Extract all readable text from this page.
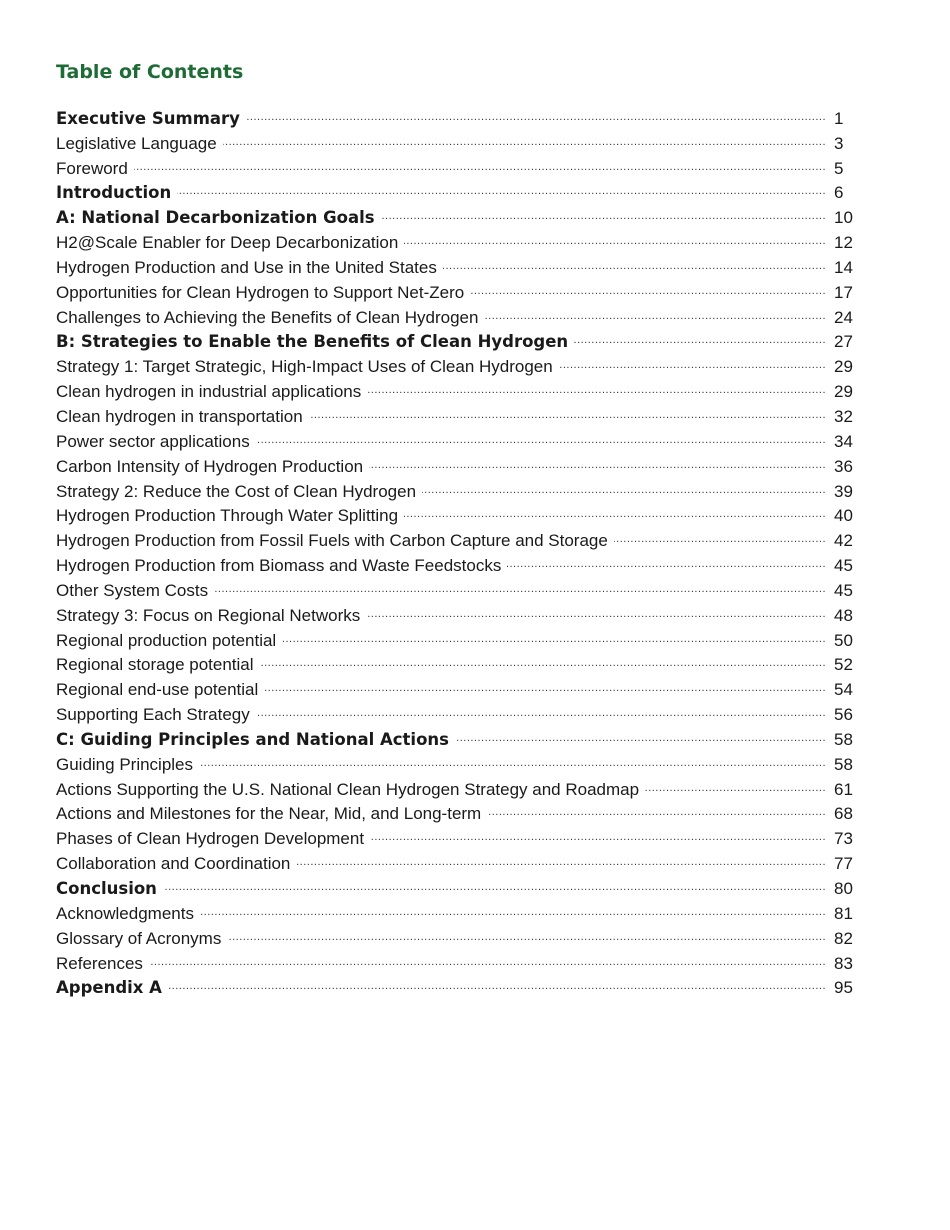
Table of Contents
Executive Summary .....	1
Legislative Language .....	3
Foreword .....	5
Introduction .....	6
A: National Decarbonization Goals .....	10
H2@Scale Enabler for Deep Decarbonization .....	12
Hydrogen Production and Use in the United States .....	14
Opportunities for Clean Hydrogen to Support Net-Zero .....	17
Challenges to Achieving the Benefits of Clean Hydrogen .....	24
B: Strategies to Enable the Benefits of Clean Hydrogen .....	27
Strategy 1: Target Strategic, High-Impact Uses of Clean Hydrogen .....	29
Clean hydrogen in industrial applications .....	29
Clean hydrogen in transportation .....	32
Power sector applications .....	34
Carbon Intensity of Hydrogen Production .....	36
Strategy 2: Reduce the Cost of Clean Hydrogen .....	39
Hydrogen Production Through Water Splitting .....	40
Hydrogen Production from Fossil Fuels with Carbon Capture and Storage .....	42
Hydrogen Production from Biomass and Waste Feedstocks .....	45
Other System Costs .....	45
Strategy 3: Focus on Regional Networks .....	48
Regional production potential .....	50
Regional storage potential .....	52
Regional end-use potential .....	54
Supporting Each Strategy .....	56
C: Guiding Principles and National Actions .....	58
Guiding Principles .....	58
Actions Supporting the U.S. National Clean Hydrogen Strategy and Roadmap .....	61
Actions and Milestones for the Near, Mid, and Long-term .....	68
Phases of Clean Hydrogen Development .....	73
Collaboration and Coordination .....	77
Conclusion .....	80
Acknowledgments .....	81
Glossary of Acronyms .....	82
References .....	83
Appendix A .....	95
